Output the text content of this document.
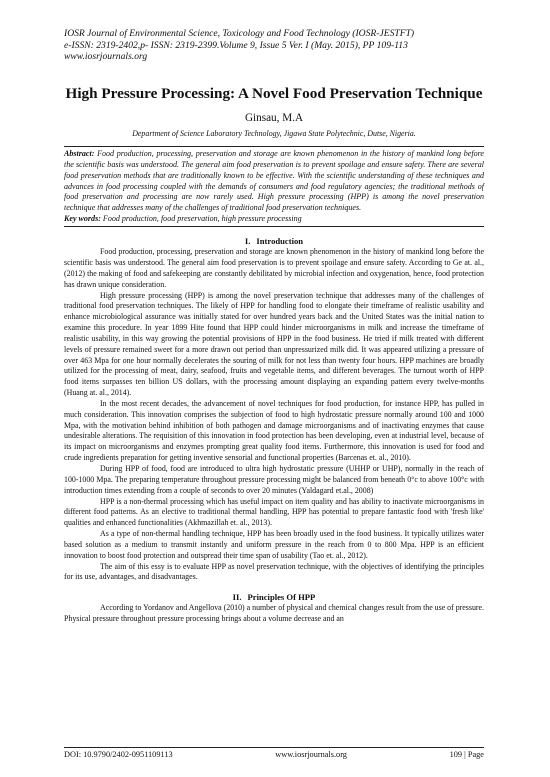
IOSR Journal of Environmental Science, Toxicology and Food Technology (IOSR-JESTFT)
e-ISSN: 2319-2402,p- ISSN: 2319-2399.Volume 9, Issue 5 Ver. I (May. 2015), PP 109-113
www.iosrjournals.org
High Pressure Processing: A Novel Food Preservation Technique
Ginsau, M.A
Department of Science Laboratory Technology, Jigawa State Polytechnic, Dutse, Nigeria.

Abstract: Food production, processing, preservation and storage are known phenomenon in the history of mankind long before the scientific basis was understood. The general aim food preservation is to prevent spoilage and ensure safety. There are several food preservation methods that are traditionally known to be effective. With the scientific understanding of these techniques and advances in food processing coupled with the demands of consumers and food regulatory agencies; the traditional methods of food preservation and processing are now rarely used. High pressure processing (HPP) is among the novel preservation technique that addresses many of the challenges of traditional food preservation techniques.

Key words: Food production, food preservation, high pressure processing

I. Introduction

Food production, processing, preservation and storage are known phenomenon in the history of mankind long before the scientific basis was understood. The general aim food preservation is to prevent spoilage and ensure safety. According to Ge at. al., (2012) the making of food and safekeeping are constantly debilitated by microbial infection and oxygenation, hence, food protection has drawn unique consideration.

High pressure processing (HPP) is among the novel preservation technique that addresses many of the challenges of traditional food preservation techniques. The likely of HPP for handling food to elongate their timeframe of realistic usability and enhance microbiological assurance was initially stated for over hundred years back and the United States was the initial nation to examine this procedure. In year 1899 Hite found that HPP could hinder microorganisms in milk and increase the timeframe of realistic usability, in this way growing the potential provisions of HPP in the food business. He tried if milk treated with different levels of pressure remained sweet for a more drawn out period than unpressurized milk did. It was appeared utilizing a pressure of over 463 Mpa for one hour normally decelerates the souring of milk for not less than twenty four hours. HPP machines are broadly utilized for the processing of meat, dairy, seafood, fruits and vegetable items, and different beverages. The turnout worth of HPP food items surpasses ten billion US dollars, with the processing amount displaying an expanding pattern every twelve-months (Huang at. al., 2014).

In the most recent decades, the advancement of novel techniques for food production, for instance HPP, has pulled in much consideration. This innovation comprises the subjection of food to high hydrostatic pressure normally around 100 and 1000 Mpa, with the motivation behind inhibition of both pathogen and damage microorganisms and of inactivating enzymes that cause undesirable alterations. The requisition of this innovation in food protection has been developing, even at industrial level, because of its impact on microorganisms and enzymes prompting great quality food items. Furthermore, this innovation is used for food and crude ingredients preparation for getting inventive sensorial and functional properties (Barcenas et. al., 2010).

During HPP of food, food are introduced to ultra high hydrostatic pressure (UHHP or UHP), normally in the reach of 100-1000 Mpa. The preparing temperature throughout pressure processing might be balanced from beneath 0°c to above 100°c with introduction times extending from a couple of seconds to over 20 minutes (Yaldagard et.al., 2008)

HPP is a non-thermal processing which has useful impact on item quality and has ability to inactivate microorganisms in different food patterns. As an elective to traditional thermal handling, HPP has potential to prepare fantastic food with 'fresh like' qualities and enhanced functionalities (Akhmazillah et. al., 2013).

As a type of non-thermal handling technique, HPP has been broadly used in the food business. It typically utilizes water based solution as a medium to transmit instantly and uniform pressure in the reach from 0 to 800 Mpa. HPP is an efficient innovation to boost food protection and outspread their time span of usability (Tao et. al., 2012).

The aim of this essy is to evaluate HPP as novel preservation technique, with the objectives of identifying the principles for its use, advantages, and disadvantages.

II. Principles Of HPP

According to Yordanov and Angellova (2010) a number of physical and chemical changes result from the use of pressure. Physical pressure throughout pressure processing brings about a volume decrease and an

DOI: 10.9790/2402-0951109113	www.iosrjournals.org	109 | Page
